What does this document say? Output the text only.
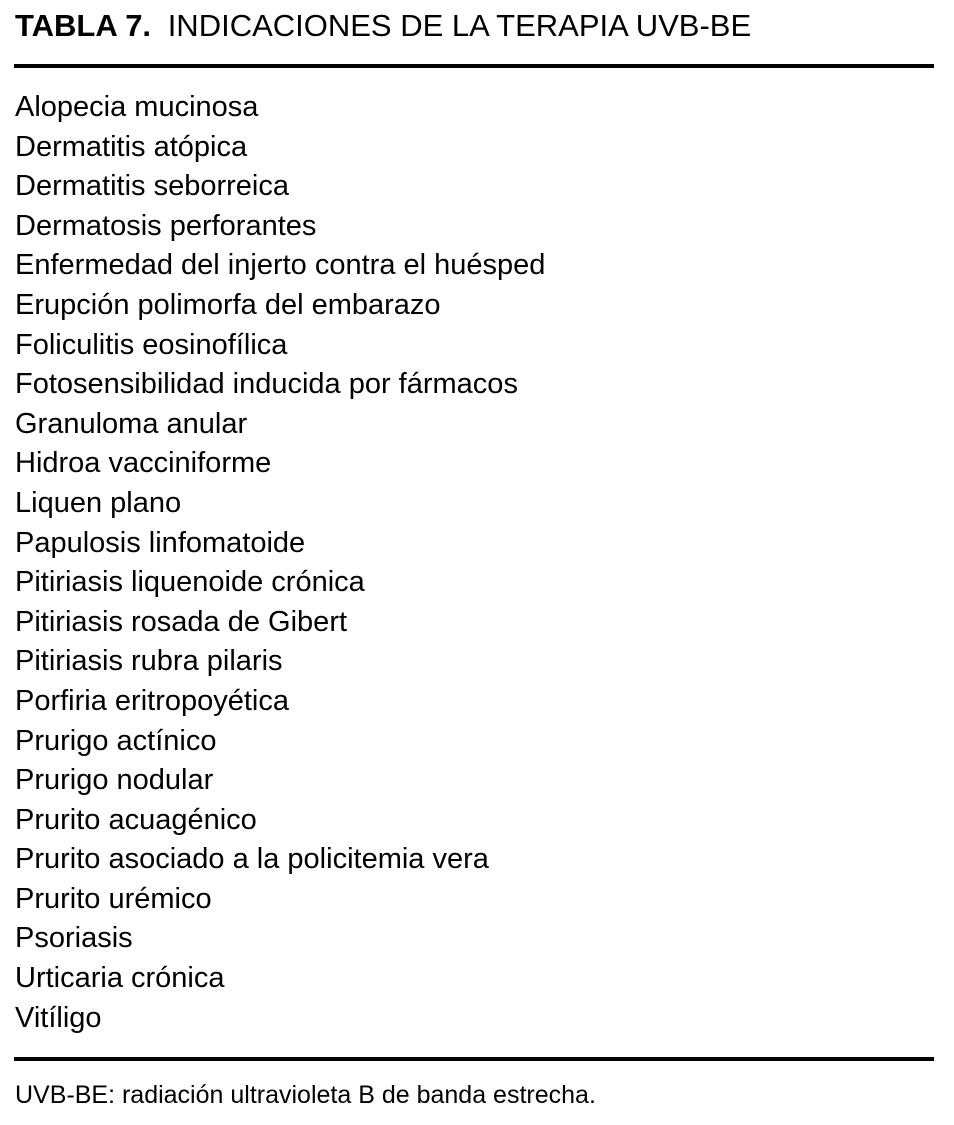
TABLA 7. INDICACIONES DE LA TERAPIA UVB-BE
Alopecia mucinosa
Dermatitis atópica
Dermatitis seborreica
Dermatosis perforantes
Enfermedad del injerto contra el huésped
Erupción polimorfa del embarazo
Foliculitis eosinofílica
Fotosensibilidad inducida por fármacos
Granuloma anular
Hidroa vacciniforme
Liquen plano
Papulosis linfomatoide
Pitiriasis liquenoide crónica
Pitiriasis rosada de Gibert
Pitiriasis rubra pilaris
Porfiria eritropoyética
Prurigo actínico
Prurigo nodular
Prurito acuagénico
Prurito asociado a la policitemia vera
Prurito urémico
Psoriasis
Urticaria crónica
Vitíligo
UVB-BE: radiación ultravioleta B de banda estrecha.
